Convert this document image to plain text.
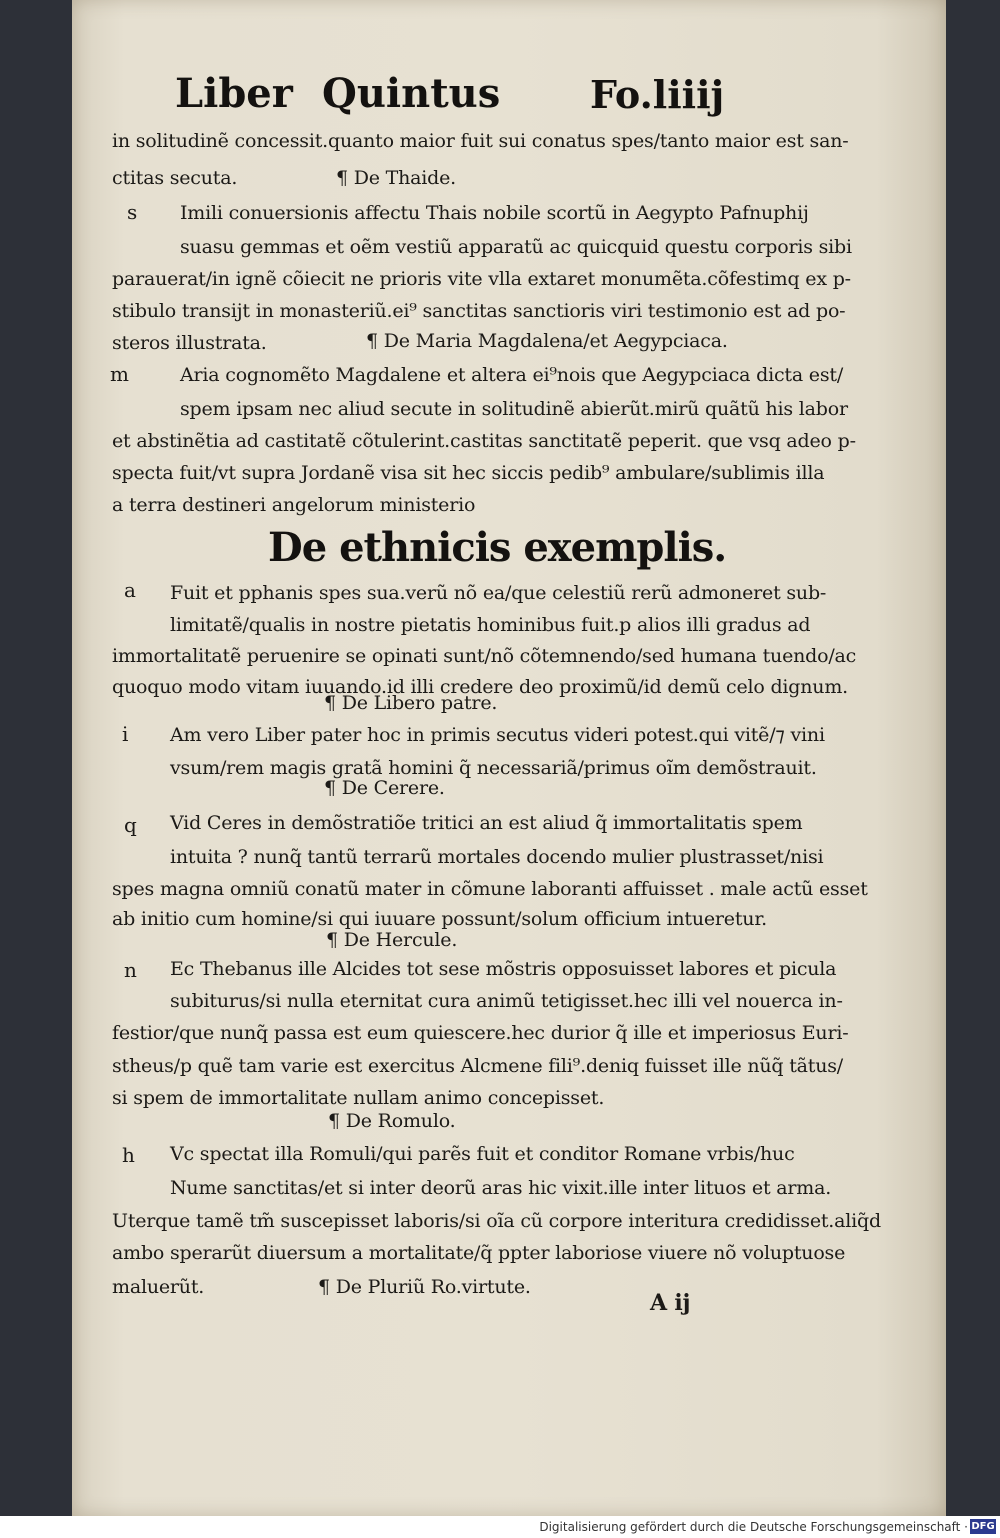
Liber Quintus Fo.liiij
in solitudinẽ concessit.quanto maior fuit sui conatus spes/tanto maior est san-
ctitas secuta.	¶ De Thaide.
s Imili conuersionis affectu Thais nobile scortũ in Aegypto Pafnuphij
suasu gemmas et oẽm vestiũ apparatũ ac quicquid questu corporis sibi
parauerat/in ignẽ cõiecit ne prioris vite vlla extaret monumẽta.cõfestimq ex p-
stibulo transijt in monasteriũ.ei⁹ sanctitas sanctioris viri testimonio est ad po-
steros illustrata.	¶ De Maria Magdalena/et Aegypciaca.
m	Aria cognomẽto Magdalene et altera ei⁹nois que Aegypciaca dicta est/
spem ipsam nec aliud secute in solitudinẽ abierũt.mirũ quãtũ his labor
et abstinẽtia ad castitatẽ cõtulerint.castitas sanctitatẽ peperit. que vsq adeo p-
specta fuit/vt supra Jordanẽ visa sit hec siccis pedib⁹ ambulare/sublimis illa
a terra destineri angelorum ministerio
De ethnicis exemplis.
a Fuit et pphanis spes sua.verũ nõ ea/que celestiũ rerũ admoneret sub-
limitatẽ/qualis in nostre pietatis hominibus fuit.p alios illi gradus ad
immortalitatẽ peruenire se opinati sunt/nõ cõtemnendo/sed humana tuendo/ac
quoquo modo vitam iuuando.id illi credere deo proximũ/id demũ celo dignum.
¶ De Libero patre.
i Am vero Liber pater hoc in primis secutus videri potest.qui vitẽ/⁊ vini
vsum/rem magis gratã homini q̃ necessariã/primus oĩm demõstrauit.
¶ De Cerere.
q Vid Ceres in demõstratiõe tritici an est aliud q̃ immortalitatis spem
intuita ? nunq̃ tantũ terrarũ mortales docendo mulier plustrasset/nisi
spes magna omniũ conatũ mater in cõmune laboranti affuisset . male actũ esset
ab initio cum homine/si qui iuuare possunt/solum officium intueretur.
¶ De Hercule.
n Ec Thebanus ille Alcides tot sese mõstris opposuisset labores et picula
subiturus/si nulla eternitat cura animũ tetigisset.hec illi vel nouerca in-
festior/que nunq̃ passa est eum quiescere.hec durior q̃ ille et imperiosus Euri-
stheus/p quẽ tam varie est exercitus Alcmene fili⁹.deniq fuisset ille nũq̃ tãtus/
si spem de immortalitate nullam animo concepisset.
¶ De Romulo.
h Vc spectat illa Romuli/qui parẽs fuit et conditor Romane vrbis/huc
Nume sanctitas/et si inter deorũ aras hic vixit.ille inter lituos et arma.
Uterque tamẽ tm̃ suscepisset laboris/si oĩa cũ corpore interitura credidisset.aliq̃d
ambo sperarũt diuersum a mortalitate/q̃ ppter laboriose viuere nõ voluptuose
maluerũt.	¶ De Pluriũ Ro.virtute.
A ij
Digitalisierung gefördert durch die Deutsche Forschungsgemeinschaft · DFG
